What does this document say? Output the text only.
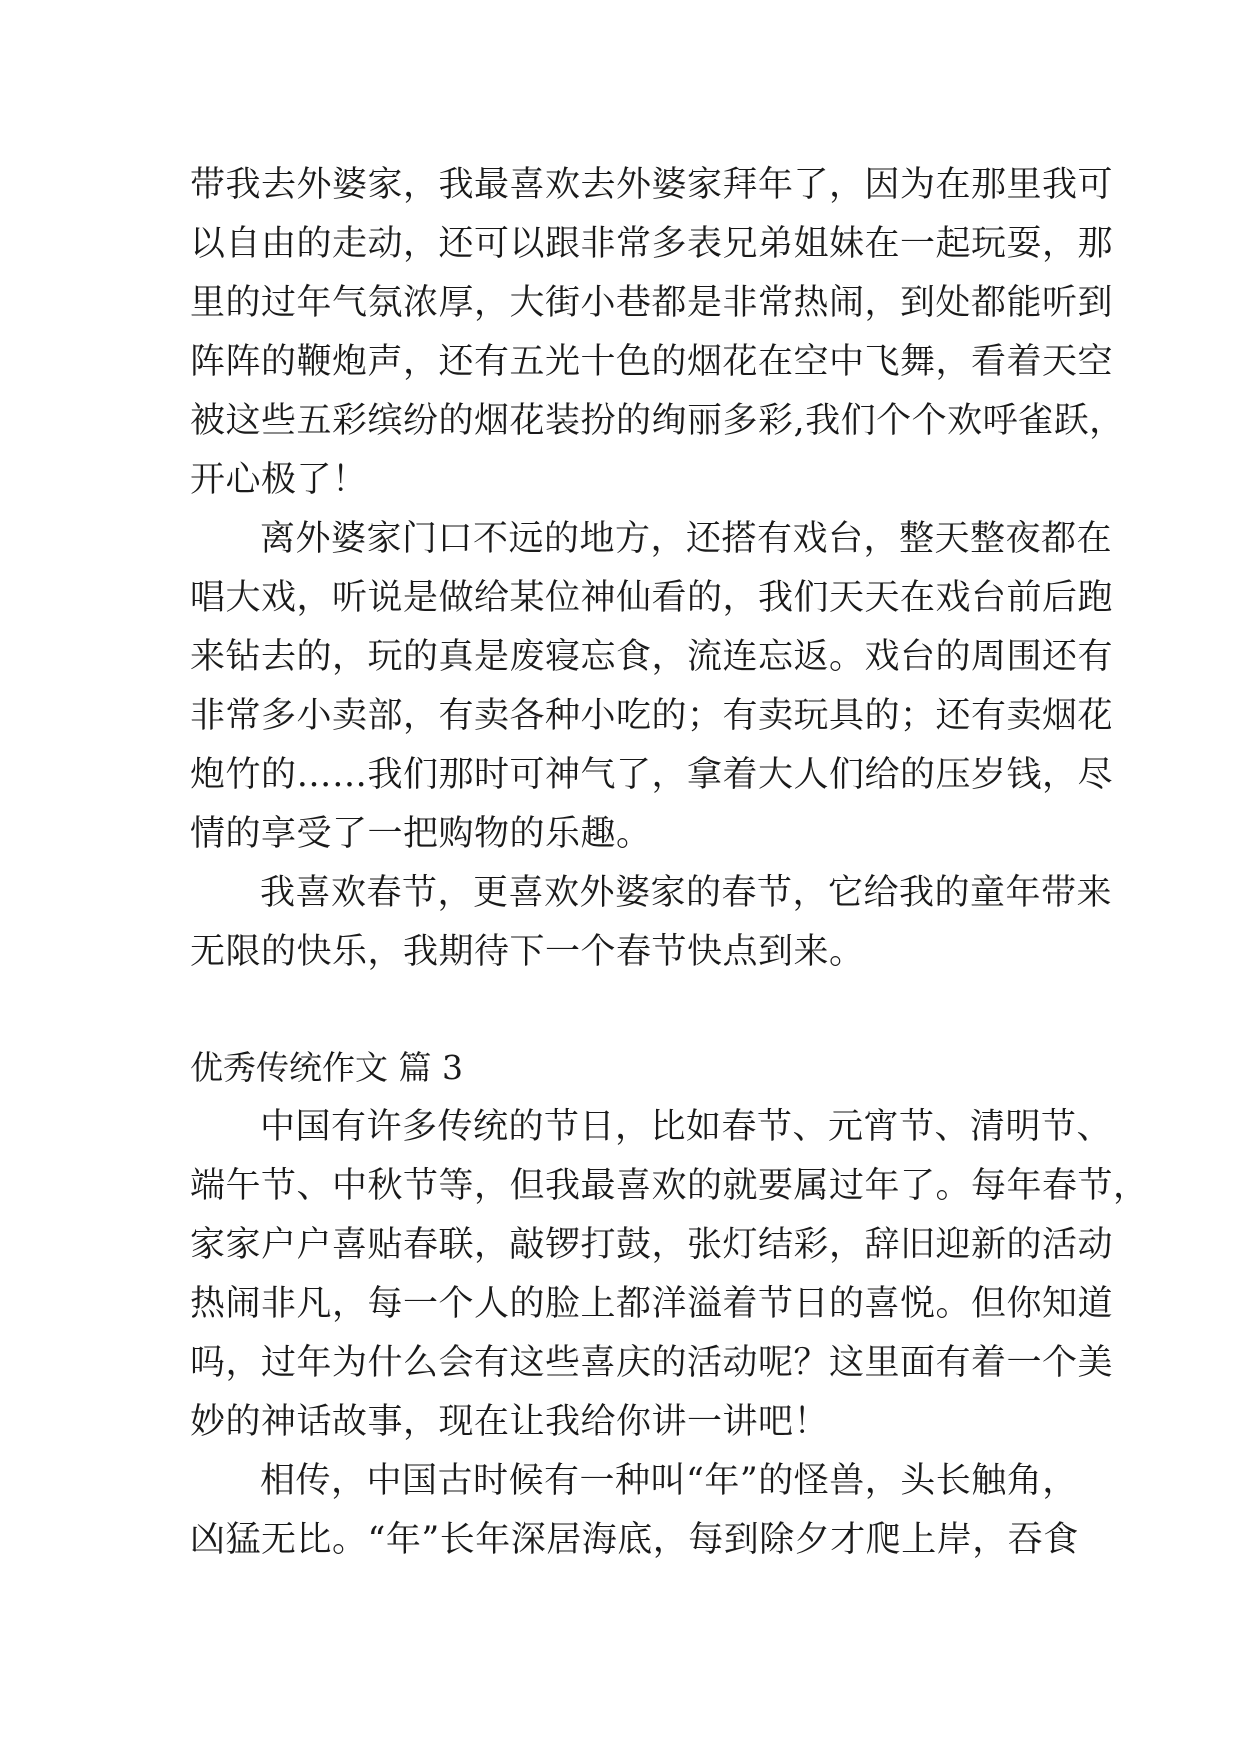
带我去外婆家，我最喜欢去外婆家拜年了，因为在那里我可
以自由的走动，还可以跟非常多表兄弟姐妹在一起玩耍，那
里的过年气氛浓厚，大街小巷都是非常热闹，到处都能听到
阵阵的鞭炮声，还有五光十色的烟花在空中飞舞，看着天空
被这些五彩缤纷的烟花装扮的绚丽多彩,我们个个欢呼雀跃，
开心极了！
离外婆家门口不远的地方，还搭有戏台，整天整夜都在
唱大戏，听说是做给某位神仙看的，我们天天在戏台前后跑
来钻去的，玩的真是废寝忘食，流连忘返。戏台的周围还有
非常多小卖部，有卖各种小吃的；有卖玩具的；还有卖烟花
炮竹的……我们那时可神气了，拿着大人们给的压岁钱，尽
情的享受了一把购物的乐趣。
我喜欢春节，更喜欢外婆家的春节，它给我的童年带来
无限的快乐，我期待下一个春节快点到来。
优秀传统作文 篇 3
中国有许多传统的节日，比如春节、元宵节、清明节、
端午节、中秋节等，但我最喜欢的就要属过年了。每年春节，
家家户户喜贴春联，敲锣打鼓，张灯结彩，辞旧迎新的活动
热闹非凡，每一个人的脸上都洋溢着节日的喜悦。但你知道
吗，过年为什么会有这些喜庆的活动呢？这里面有着一个美
妙的神话故事，现在让我给你讲一讲吧！
相传，中国古时候有一种叫“年”的怪兽，头长触角，
凶猛无比。“年”长年深居海底，每到除夕才爬上岸，吞食
